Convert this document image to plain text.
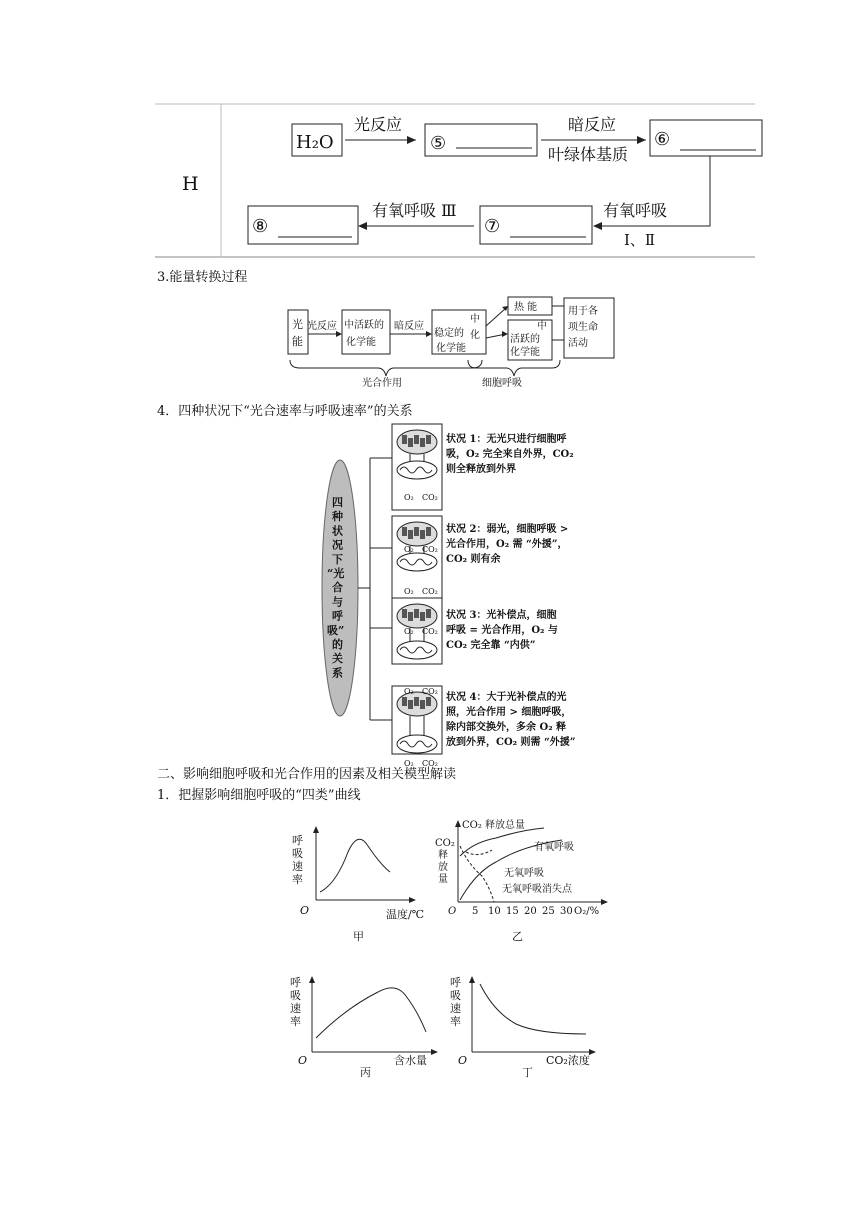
H
H₂O
光反应
⑤
暗反应
叶绿体基质
⑥
有氧呼吸
Ⅰ、Ⅱ
⑦
有氧呼吸 Ⅲ
⑧
3.能量转换过程
光
能
光反应 中活跃的
化学能
暗反应
稳定的
化学能
中
化
热 能
中
活跃的
化学能
用于各
项生命
活动
光合作用	细胞呼吸
4．四种状况下“光合速率与呼吸速率”的关系
四
种
状
况
下
“光
合
与
呼
吸”
的
关
系
O₂ CO₂
状况 1：无光只进行细胞呼
吸，O₂ 完全来自外界，CO₂
则全释放到外界
O₂ CO₂
O₂ CO₂
状况 2：弱光，细胞呼吸 >
光合作用，O₂ 需 “外援”，
CO₂ 则有余
O₂ CO₂
状况 3：光补偿点，细胞
呼吸 = 光合作用，O₂ 与
CO₂ 完全靠 “内供”
O₂ CO₂
O₂ CO₂
状况 4：大于光补偿点的光
照，光合作用 > 细胞呼吸，
除内部交换外，多余 O₂ 释
放到外界，CO₂ 则需 “外援”
二、影响细胞呼吸和光合作用的因素及相关模型解读
1．把握影响细胞呼吸的“四类”曲线
呼
吸
速
率
O	温度/℃
甲
CO₂
释
放
量
CO₂ 释放总量
有氧呼吸
无氧呼吸
无氧呼吸消失点
O 5 10 15 20 25 30 O₂/%
乙
呼
吸
速
率
O	含水量
丙
呼
吸
速
率
O	CO₂浓度
丁
